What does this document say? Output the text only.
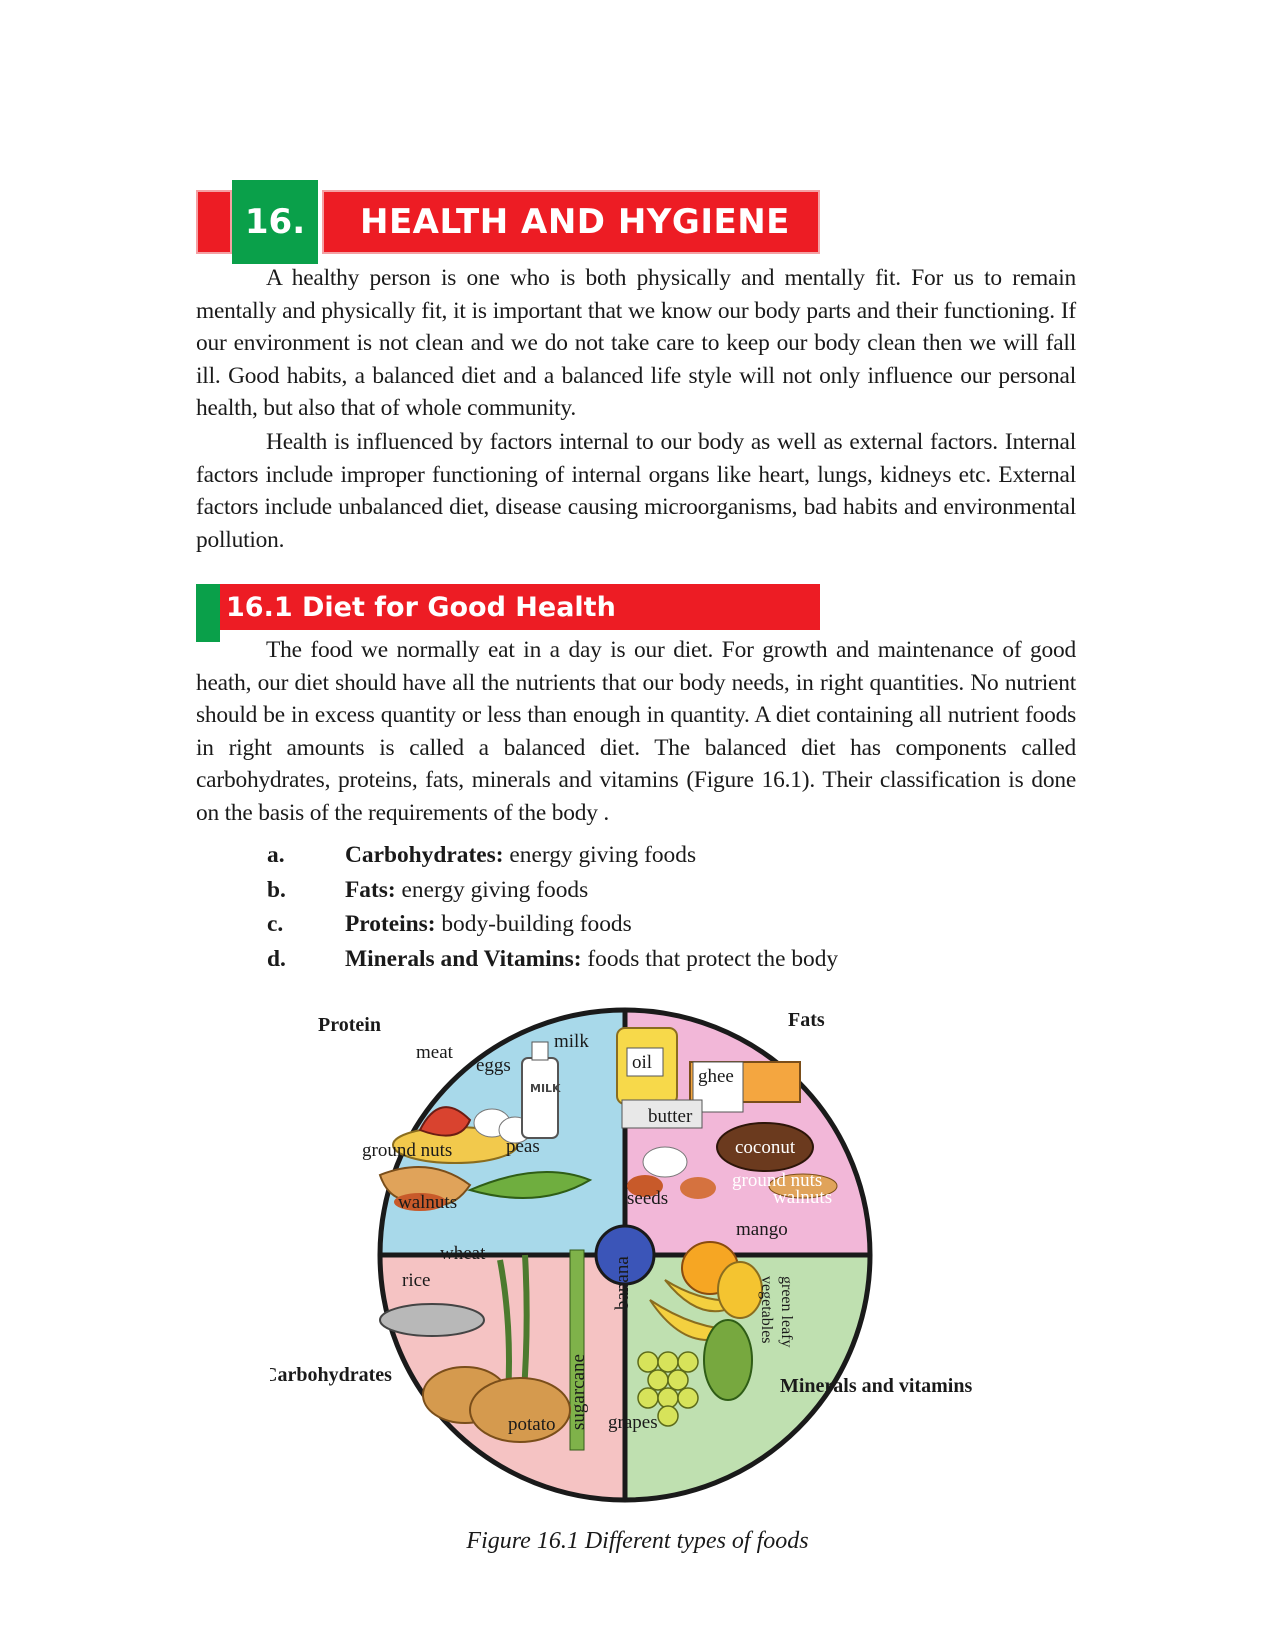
16.	HEALTH AND HYGIENE
A healthy person is one who is both physically and mentally fit. For us to remain mentally and physically fit, it is important that we know our body parts and their functioning. If our environment is not clean and we do not take care to keep our body clean then we will fall ill. Good habits, a balanced diet and a balanced life style will not only influence our personal health, but also that of whole community.
Health is influenced by factors internal to our body as well as external factors. Internal factors include improper functioning of internal organs like heart, lungs, kidneys etc. External factors include unbalanced diet, disease causing microorganisms, bad habits and environmental pollution.
16.1 Diet for Good Health
The food we normally eat in a day is our diet. For growth and maintenance of good heath, our diet should have all the nutrients that our body needs, in right quantities. No nutrient should be in excess quantity or less than enough in quantity. A diet containing all nutrient foods in right amounts is called a balanced diet. The balanced diet has components called carbohydrates, proteins, fats, minerals and vitamins (Figure 16.1). Their classification is done on the basis of the requirements of the body .
a.	Carbohydrates: energy giving foods
b.	Fats: energy giving foods
c.	Proteins: body-building foods
d.	Minerals and Vitamins: foods that protect the body
MILK
Protein	Fats
Carbohydrates	Minerals and vitamins
meat
eggs
milk
ground nuts	peas
walnuts
oil
ghee
butter
coconut
seeds
ground nuts
walnuts
wheat
rice
potato sugarcane
banana
mango
green leafy
vegetables
grapes
Figure 16.1 Different types of foods
